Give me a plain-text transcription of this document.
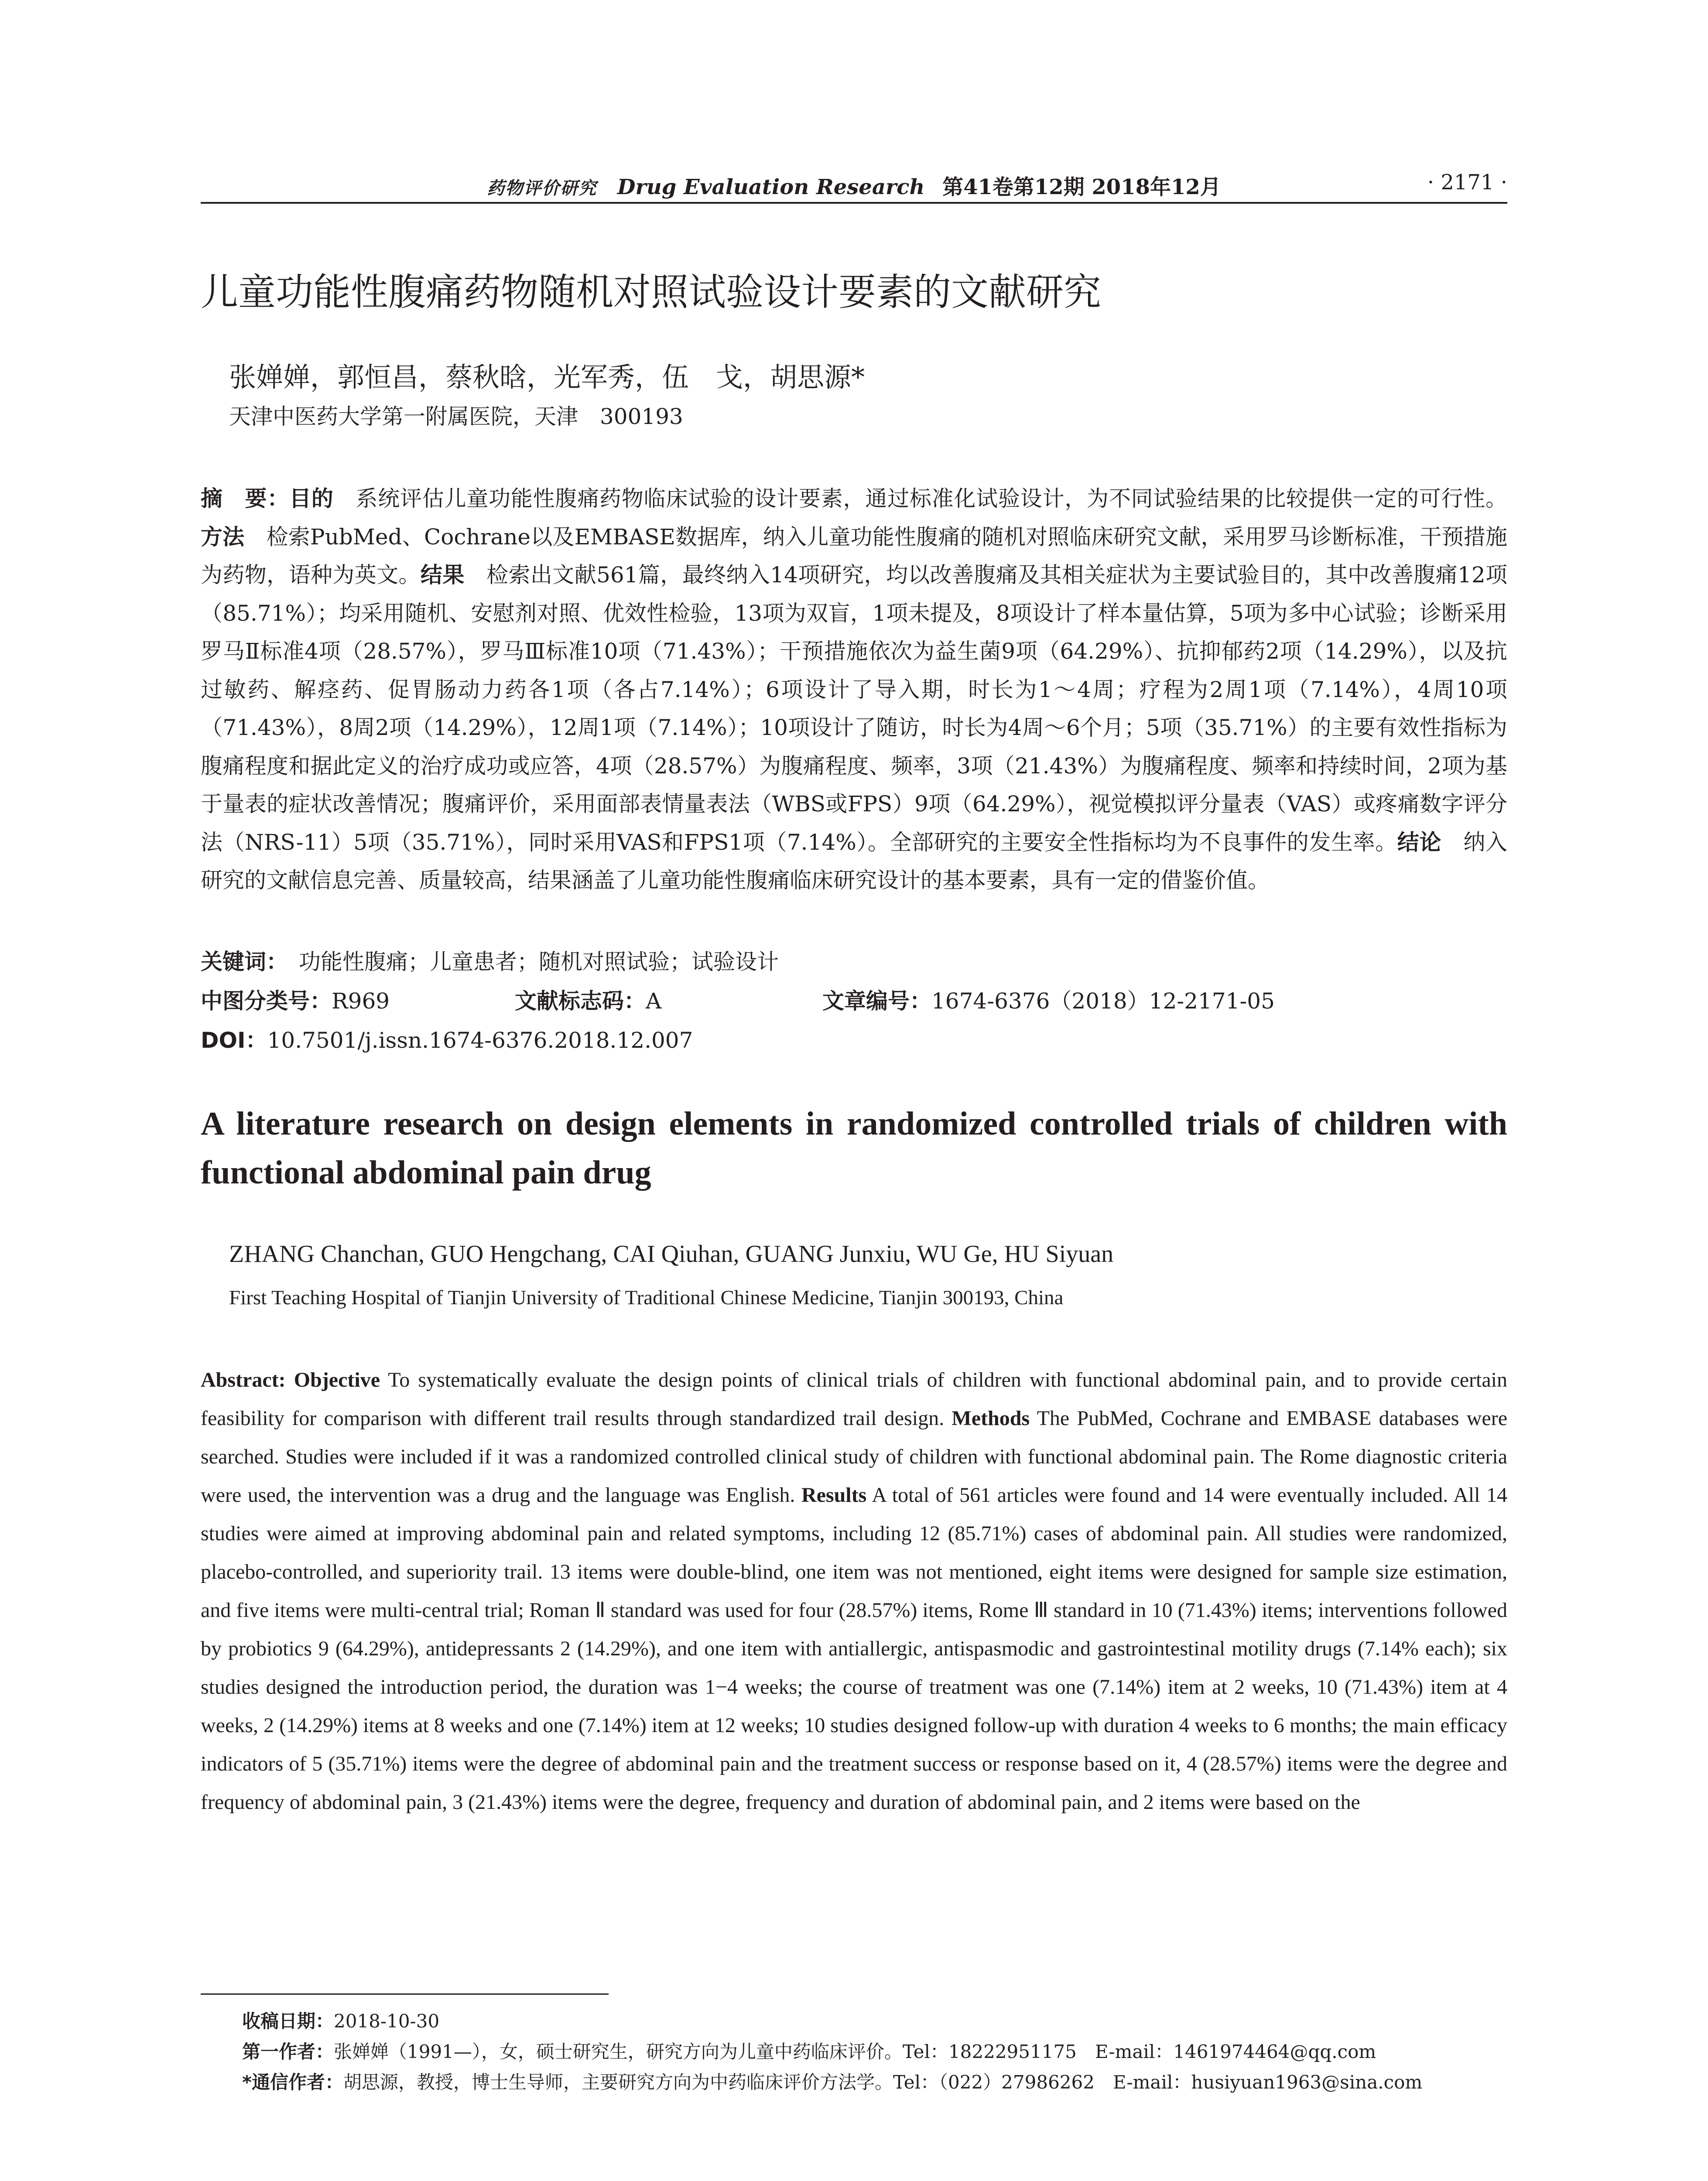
药物评价研究 Drug Evaluation Research 第41卷第12期 2018年12月	· 2171 ·
儿童功能性腹痛药物随机对照试验设计要素的文献研究
张婵婵，郭恒昌，蔡秋晗，光军秀，伍　戈，胡思源*
天津中医药大学第一附属医院，天津　300193
摘　要：目的　 系统评估儿童功能性腹痛药物临床试验的设计要素，通过标准化试验设计，为不同试验结果的比较提供一定的可行性。方法　 检索PubMed、Cochrane以及EMBASE数据库，纳入儿童功能性腹痛的随机对照临床研究文献，采用罗马诊断标准，干预措施为药物，语种为英文。结果　 检索出文献561篇，最终纳入14项研究，均以改善腹痛及其相关症状为主要试验目的，其中改善腹痛12项（85.71%）；均采用随机、安慰剂对照、优效性检验，13项为双盲，1项未提及，8项设计了样本量估算，5项为多中心试验；诊断采用罗马Ⅱ标准4项（28.57%），罗马Ⅲ标准10项（71.43%）；干预措施依次为益生菌9项（64.29%）、抗抑郁药2项（14.29%），以及抗过敏药、解痉药、促胃肠动力药各1项（各占7.14%）；6项设计了导入期，时长为1～4周；疗程为2周1项（7.14%），4周10项（71.43%），8周2项（14.29%），12周1项（7.14%）；10项设计了随访，时长为4周～6个月；5项（35.71%）的主要有效性指标为腹痛程度和据此定义的治疗成功或应答，4项（28.57%）为腹痛程度、频率，3项（21.43%）为腹痛程度、频率和持续时间，2项为基于量表的症状改善情况；腹痛评价，采用面部表情量表法（WBS或FPS）9项（64.29%），视觉模拟评分量表（VAS）或疼痛数字评分法（NRS-11）5项（35.71%），同时采用VAS和FPS1项（7.14%）。全部研究的主要安全性指标均为不良事件的发生率。结论　 纳入研究的文献信息完善、质量较高，结果涵盖了儿童功能性腹痛临床研究设计的基本要素，具有一定的借鉴价值。
关键词：　 功能性腹痛；儿童患者；随机对照试验；试验设计
中图分类号：R969	文献标志码：A	文章编号：1674-6376（2018）12-2171-05
DOI：10.7501/j.issn.1674-6376.2018.12.007
A literature research on design elements in randomized controlled trials of children with functional abdominal pain drug
ZHANG Chanchan, GUO Hengchang, CAI Qiuhan, GUANG Junxiu, WU Ge, HU Siyuan
First Teaching Hospital of Tianjin University of Traditional Chinese Medicine, Tianjin 300193, China
Abstract: Objective To systematically evaluate the design points of clinical trials of children with functional abdominal pain, and to provide certain feasibility for comparison with different trail results through standardized trail design. Methods The PubMed, Cochrane and EMBASE databases were searched. Studies were included if it was a randomized controlled clinical study of children with functional abdominal pain. The Rome diagnostic criteria were used, the intervention was a drug and the language was English. Results A total of 561 articles were found and 14 were eventually included. All 14 studies were aimed at improving abdominal pain and related symptoms, including 12 (85.71%) cases of abdominal pain. All studies were randomized, placebo-controlled, and superiority trail. 13 items were double-blind, one item was not mentioned, eight items were designed for sample size estimation, and five items were multi-central trial; Roman Ⅱ standard was used for four (28.57%) items, Rome Ⅲ standard in 10 (71.43%) items; interventions followed by probiotics 9 (64.29%), antidepressants 2 (14.29%), and one item with antiallergic, antispasmodic and gastrointestinal motility drugs (7.14% each); six studies designed the introduction period, the duration was 1−4 weeks; the course of treatment was one (7.14%) item at 2 weeks, 10 (71.43%) item at 4 weeks, 2 (14.29%) items at 8 weeks and one (7.14%) item at 12 weeks; 10 studies designed follow-up with duration 4 weeks to 6 months; the main efficacy indicators of 5 (35.71%) items were the degree of abdominal pain and the treatment success or response based on it, 4 (28.57%) items were the degree and frequency of abdominal pain, 3 (21.43%) items were the degree, frequency and duration of abdominal pain, and 2 items were based on the
收稿日期：2018-10-30
第一作者：张婵婵（1991—），女，硕士研究生，研究方向为儿童中药临床评价。Tel：18222951175　E-mail：1461974464@qq.com
*通信作者：胡思源，教授，博士生导师，主要研究方向为中药临床评价方法学。Tel：（022）27986262　E-mail：husiyuan1963@sina.com
